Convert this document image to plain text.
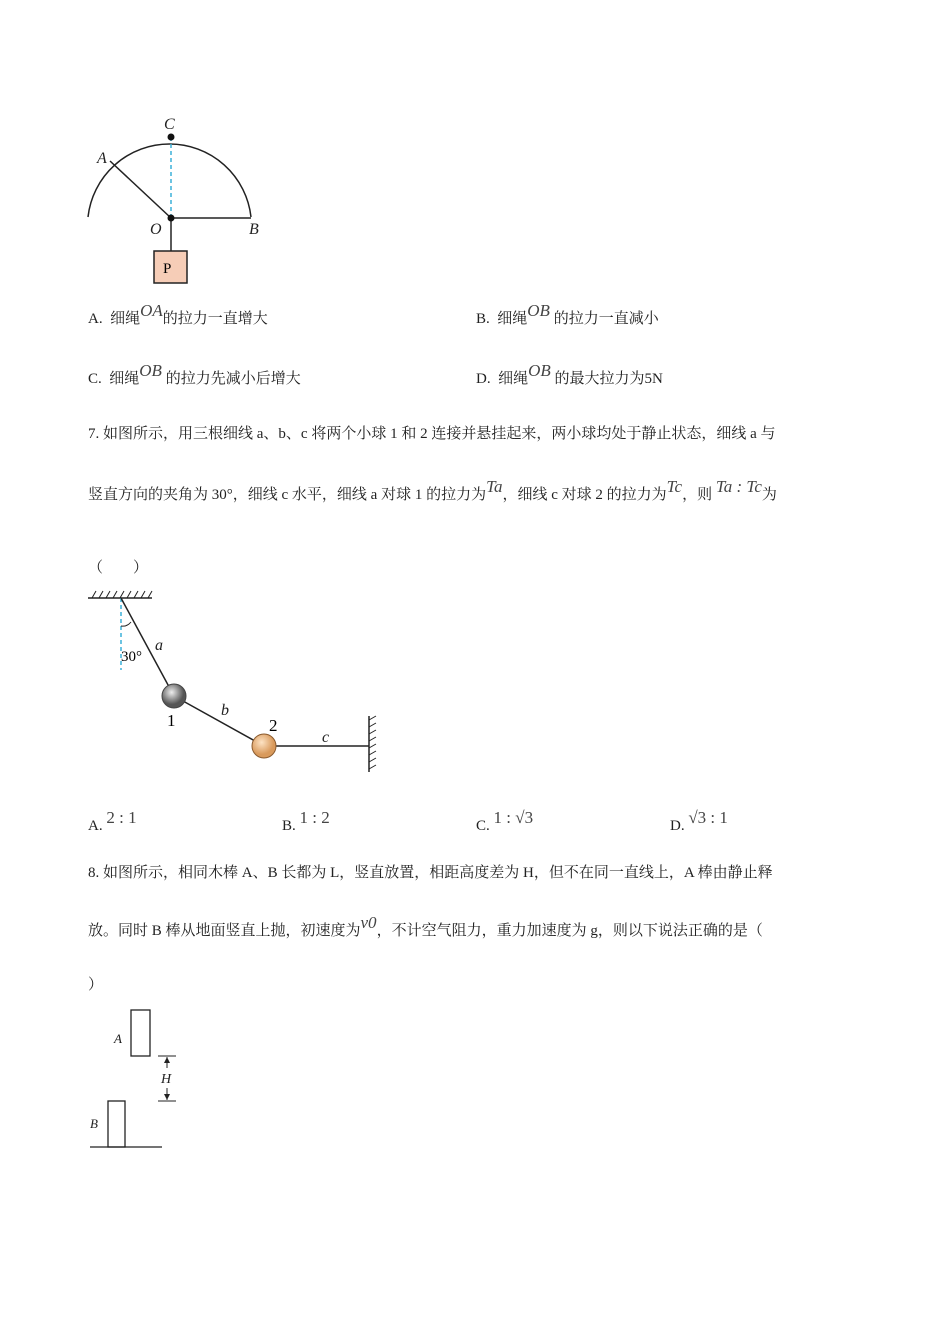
C
A
O	B
P
30°
a
b
c
1	2
H
A
B
A. 细绳OA的拉力一直增大	B. 细绳OB 的拉力一直减小
C. 细绳OB 的拉力先减小后增大	D. 细绳OB 的最大拉力为5N
7. 如图所示，用三根细线 a、b、c 将两个小球 1 和 2 连接并悬挂起来，两小球均处于静止状态，细线 a 与
竖直方向的夹角为 30°，细线 c 水平，细线 a 对球 1 的拉力为Ta，细线 c 对球 2 的拉力为Tc，则 Ta : Tc为
（　　）
A. 2 : 1	B. 1 : 2	C. 1 : √3	D. √3 : 1
8. 如图所示，相同木棒 A、B 长都为 L，竖直放置，相距高度差为 H，但不在同一直线上，A 棒由静止释
放。同时 B 棒从地面竖直上抛，初速度为v0，不计空气阻力，重力加速度为 g，则以下说法正确的是（
）
